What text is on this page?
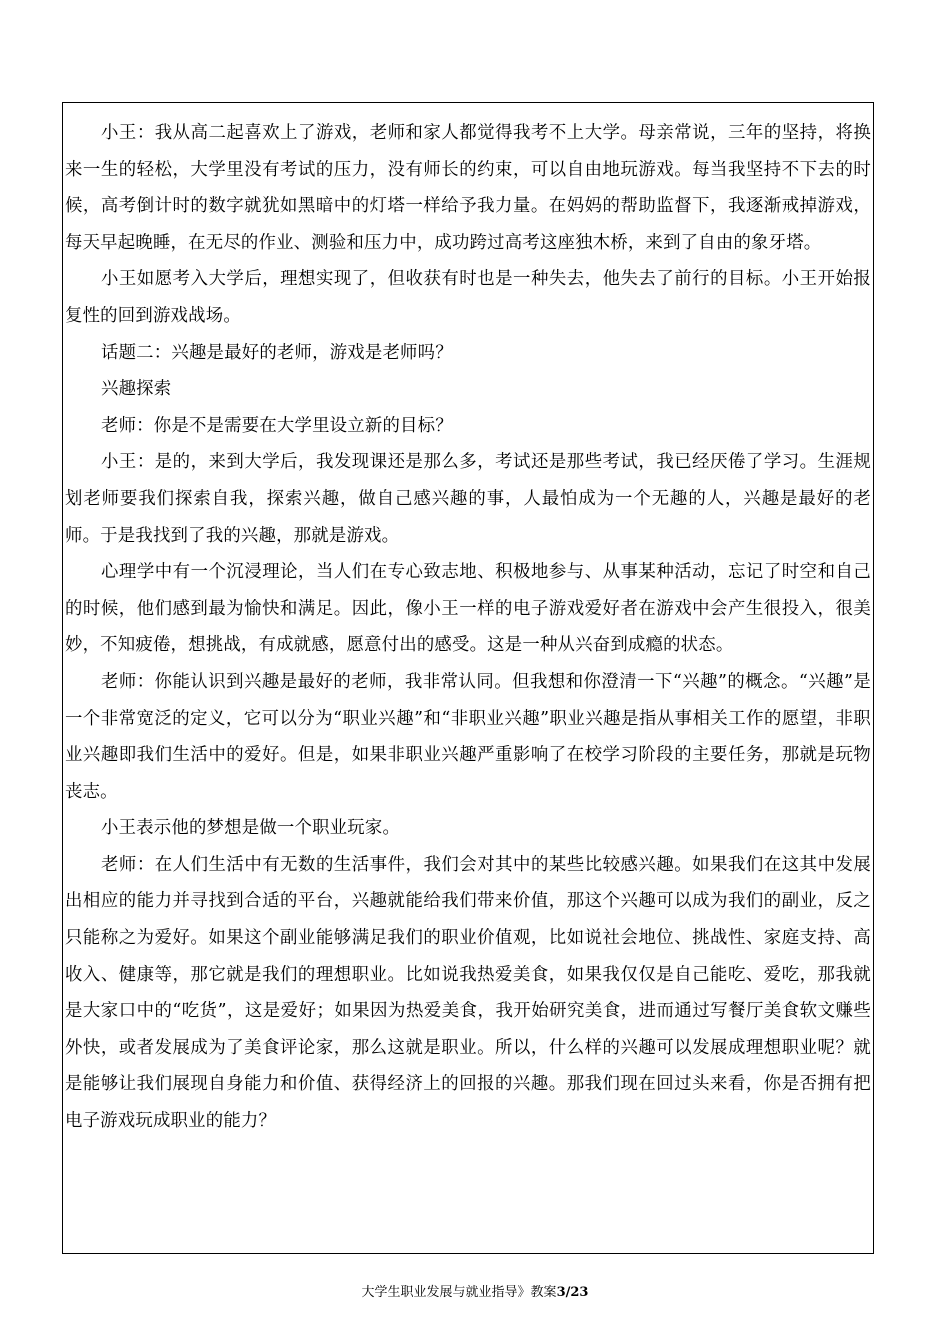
小王：我从高二起喜欢上了游戏，老师和家人都觉得我考不上大学。母亲常说，三年的坚持，将换来一生的轻松，大学里没有考试的压力，没有师长的约束，可以自由地玩游戏。每当我坚持不下去的时候，高考倒计时的数字就犹如黑暗中的灯塔一样给予我力量。在妈妈的帮助监督下，我逐渐戒掉游戏，每天早起晚睡，在无尽的作业、测验和压力中，成功跨过高考这座独木桥，来到了自由的象牙塔。

小王如愿考入大学后，理想实现了，但收获有时也是一种失去，他失去了前行的目标。小王开始报复性的回到游戏战场。

话题二：兴趣是最好的老师，游戏是老师吗？

兴趣探索

老师：你是不是需要在大学里设立新的目标？

小王：是的，来到大学后，我发现课还是那么多，考试还是那些考试，我已经厌倦了学习。生涯规划老师要我们探索自我，探索兴趣，做自己感兴趣的事，人最怕成为一个无趣的人，兴趣是最好的老师。于是我找到了我的兴趣，那就是游戏。

心理学中有一个沉浸理论，当人们在专心致志地、积极地参与、从事某种活动，忘记了时空和自己的时候，他们感到最为愉快和满足。因此，像小王一样的电子游戏爱好者在游戏中会产生很投入，很美妙，不知疲倦，想挑战，有成就感，愿意付出的感受。这是一种从兴奋到成瘾的状态。

老师：你能认识到兴趣是最好的老师，我非常认同。但我想和你澄清一下“兴趣”的概念。“兴趣”是一个非常宽泛的定义，它可以分为“职业兴趣”和“非职业兴趣”职业兴趣是指从事相关工作的愿望，非职业兴趣即我们生活中的爱好。但是，如果非职业兴趣严重影响了在校学习阶段的主要任务，那就是玩物丧志。

小王表示他的梦想是做一个职业玩家。

老师：在人们生活中有无数的生活事件，我们会对其中的某些比较感兴趣。如果我们在这其中发展出相应的能力并寻找到合适的平台，兴趣就能给我们带来价值，那这个兴趣可以成为我们的副业，反之只能称之为爱好。如果这个副业能够满足我们的职业价值观，比如说社会地位、挑战性、家庭支持、高收入、健康等，那它就是我们的理想职业。比如说我热爱美食，如果我仅仅是自己能吃、爱吃，那我就是大家口中的“吃货”，这是爱好；如果因为热爱美食，我开始研究美食，进而通过写餐厅美食软文赚些外快，或者发展成为了美食评论家，那么这就是职业。所以，什么样的兴趣可以发展成理想职业呢？就是能够让我们展现自身能力和价值、获得经济上的回报的兴趣。那我们现在回过头来看，你是否拥有把电子游戏玩成职业的能力？

大学生职业发展与就业指导》教案3/23
